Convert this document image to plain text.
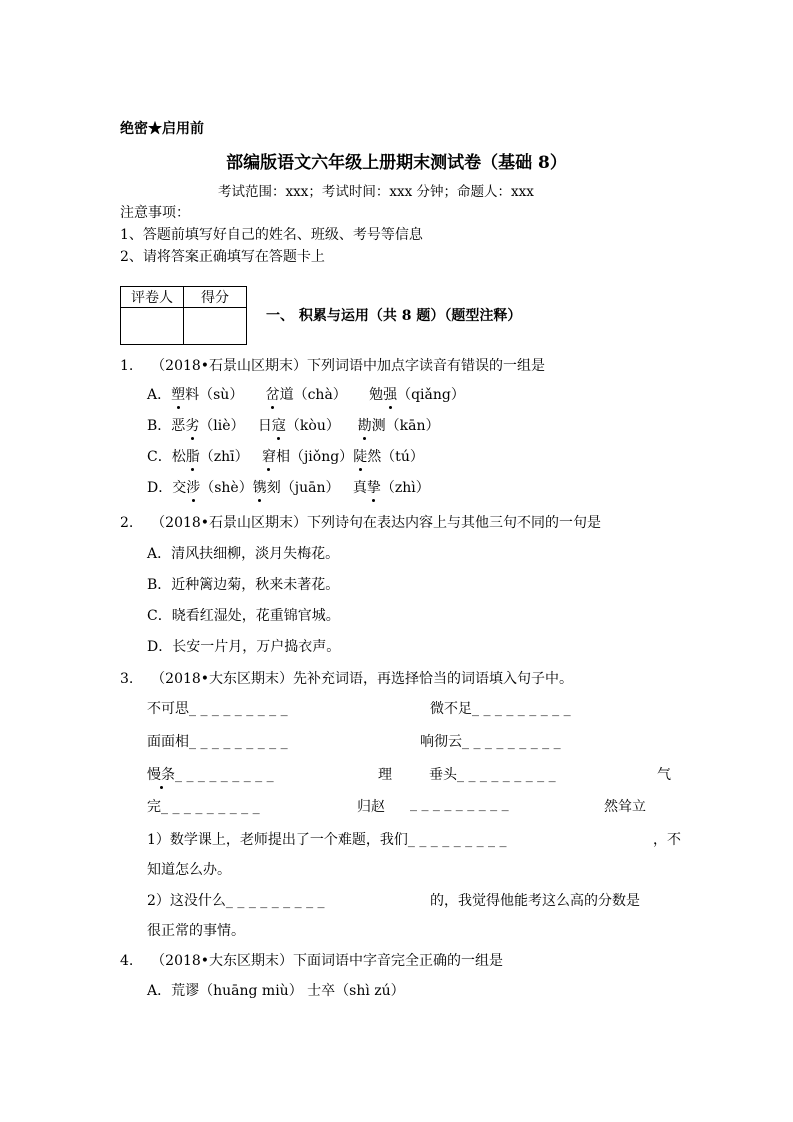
绝密★启用前
部编版语文六年级上册期末测试卷（基础 8）
考试范围：xxx；考试时间：xxx 分钟；命题人：xxx
注意事项：
1、答题前填写好自己的姓名、班级、考号等信息
2、请将答案正确填写在答题卡上
评卷人	得分

一、 积累与运用（共 8 题）（题型注释）
1. （2018•石景山区期末）下列词语中加点字读音有错误的一组是
A．塑料（sù） 岔道（chà） 勉强（qiǎng）
B．恶劣（liè） 日寇（kòu） 勘测（kān）
C．松脂（zhī） 窘相（jiǒng）陡然（tú）
D．交涉（shè）镌刻（juān） 真挚（zhì）
2. （2018•石景山区期末）下列诗句在表达内容上与其他三句不同的一句是
A．清风扶细柳，淡月失梅花。
B．近种篱边菊，秋来未著花。
C．晓看红湿处，花重锦官城。
D．长安一片月，万户捣衣声。
3. （2018•大东区期末）先补充词语，再选择恰当的词语填入句子中。
不可思_ _ _ _ _ _ _ _ _	微不足_ _ _ _ _ _ _ _ _
面面相_ _ _ _ _ _ _ _ _	响彻云_ _ _ _ _ _ _ _ _
慢条_ _ _ _ _ _ _ _ _	理	垂头_ _ _ _ _ _ _ _ _	气
完_ _ _ _ _ _ _ _ _	归赵 _ _ _ _ _ _ _ _ _	然耸立
1）数学课上，老师提出了一个难题，我们_ _ _ _ _ _ _ _ _	，不
知道怎么办。
2）这没什么_ _ _ _ _ _ _ _ _	的，我觉得他能考这么高的分数是
很正常的事情。
4. （2018•大东区期末）下面词语中字音完全正确的一组是
A．荒谬（huāng miù） 士卒（shì zú）
